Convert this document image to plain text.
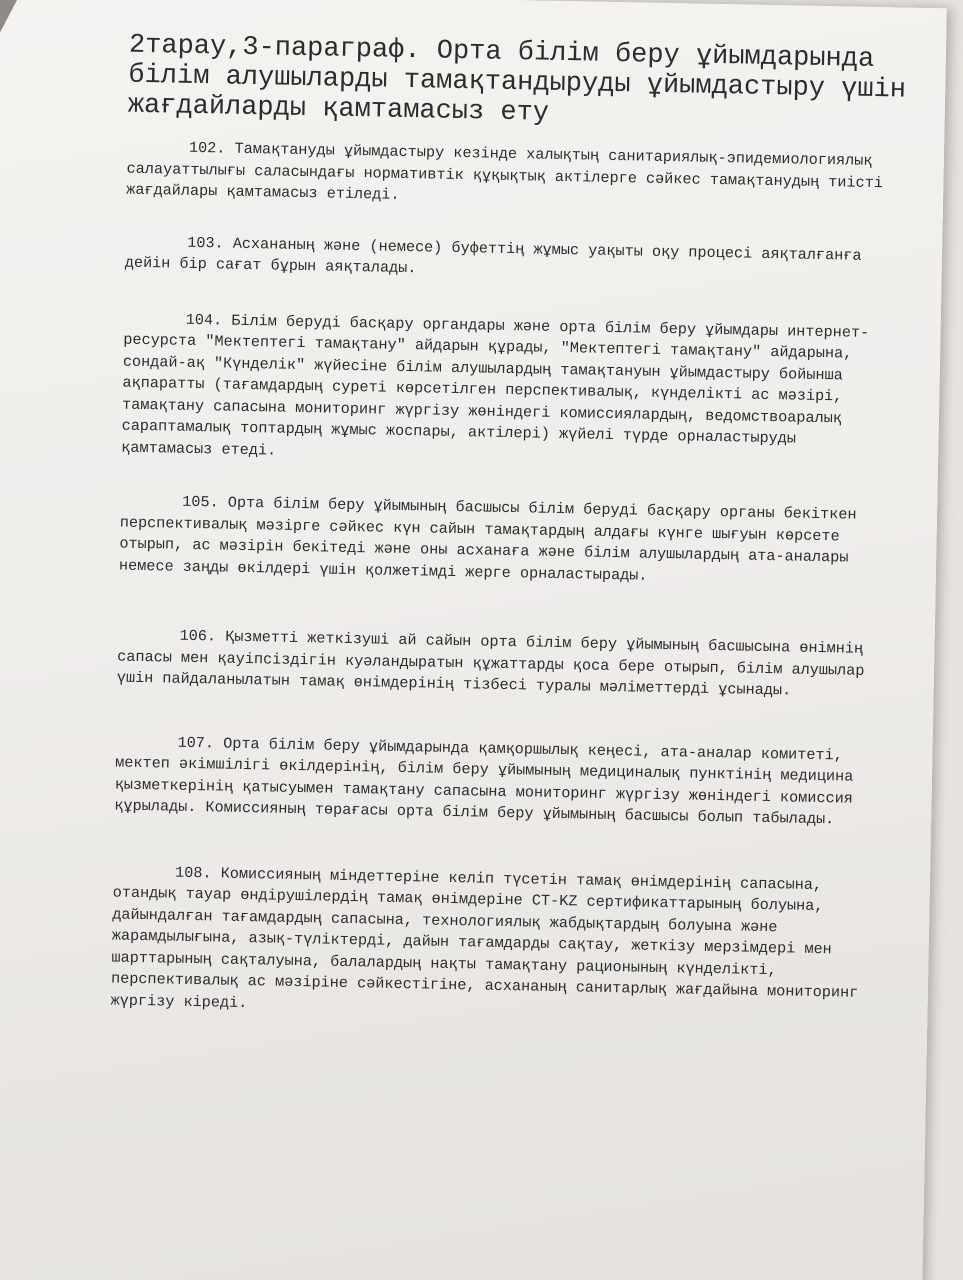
2тарау,3-параграф. Орта білім беру ұйымдарында білім алушыларды тамақтандыруды ұйымдастыру үшін жағдайларды қамтамасыз ету

102. Тамақтануды ұйымдастыру кезінде халықтың санитариялық-эпидемиологиялық салауаттылығы саласындағы нормативтік құқықтық актілерге сәйкес тамақтанудың тиісті жағдайлары қамтамасыз етіледі.

103. Асхананың және (немесе) буфеттің жұмыс уақыты оқу процесі аяқталғанға дейін бір сағат бұрын аяқталады.

104. Білім беруді басқару органдары және орта білім беру ұйымдары интернет-ресурста "Мектептегі тамақтану" айдарын құрады, "Мектептегі тамақтану" айдарына, сондай-ақ "Күнделік" жүйесіне білім алушылардың тамақтануын ұйымдастыру бойынша ақпаратты (тағамдардың суреті көрсетілген перспективалық, күнделікті ас мәзірі, тамақтану сапасына мониторинг жүргізу жөніндегі комиссиялардың, ведомствоаралық сараптамалық топтардың жұмыс жоспары, актілері) жүйелі түрде орналастыруды қамтамасыз етеді.

105. Орта білім беру ұйымының басшысы білім беруді басқару органы бекіткен перспективалық мәзірге сәйкес күн сайын тамақтардың алдағы күнге шығуын көрсете отырып, ас мәзірін бекітеді және оны асханаға және білім алушылардың ата-аналары немесе заңды өкілдері үшін қолжетімді жерге орналастырады.

106. Қызметті жеткізуші ай сайын орта білім беру ұйымының басшысына өнімнің сапасы мен қауіпсіздігін куәландыратын құжаттарды қоса бере отырып, білім алушылар үшін пайдаланылатын тамақ өнімдерінің тізбесі туралы мәліметтерді ұсынады.

107. Орта білім беру ұйымдарында қамқоршылық кеңесі, ата-аналар комитеті, мектеп әкімшілігі өкілдерінің, білім беру ұйымының медициналық пунктінің медицина қызметкерінің қатысуымен тамақтану сапасына мониторинг жүргізу жөніндегі комиссия құрылады. Комиссияның төрағасы орта білім беру ұйымының басшысы болып табылады.

108. Комиссияның міндеттеріне келіп түсетін тамақ өнімдерінің сапасына, отандық тауар өндірушілердің тамақ өнімдеріне СТ-KZ сертификаттарының болуына, дайындалған тағамдардың сапасына, технологиялық жабдықтардың болуына және жарамдылығына, азық-түліктерді, дайын тағамдарды сақтау, жеткізу мерзімдері мен шарттарының сақталуына, балалардың нақты тамақтану рационының күнделікті, перспективалық ас мәзіріне сәйкестігіне, асхананың санитарлық жағдайына мониторинг жүргізу кіреді.
